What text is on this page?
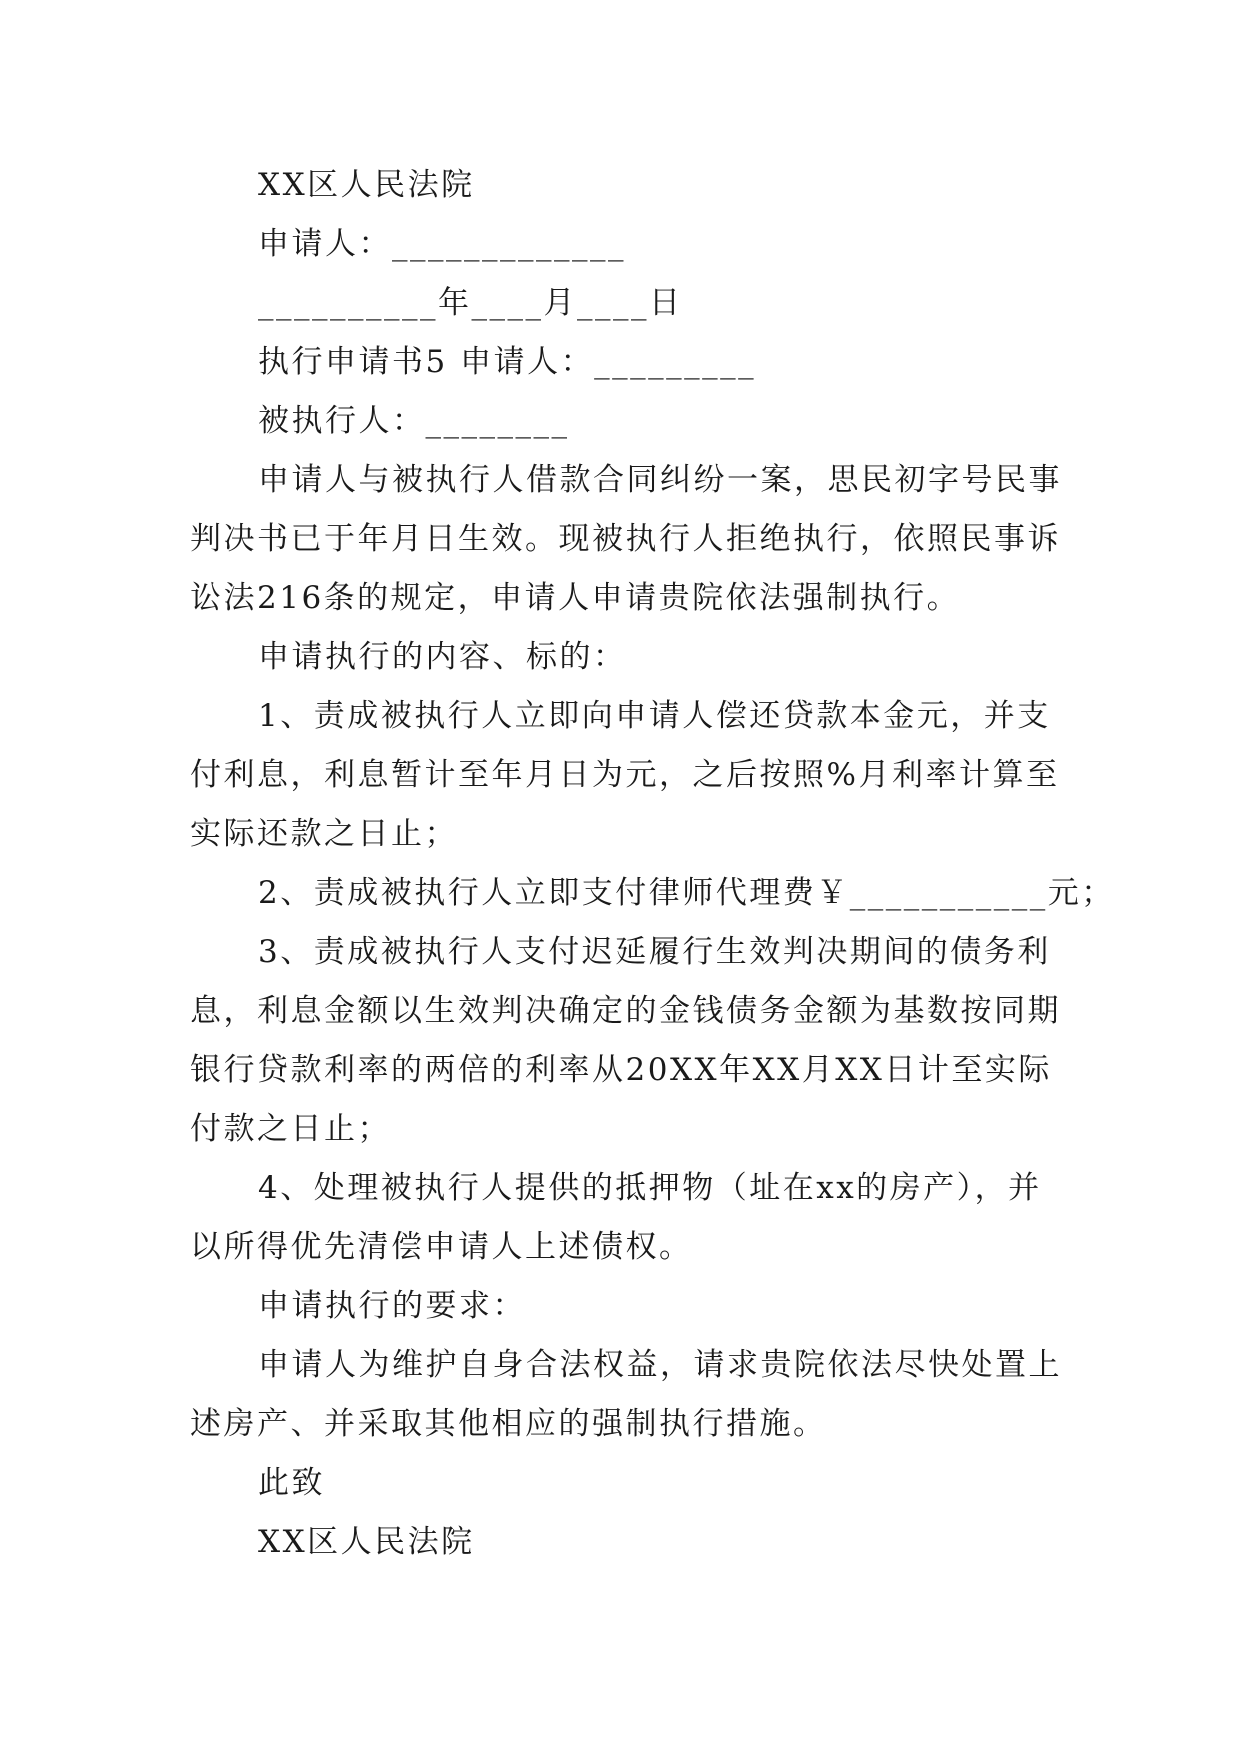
XX区人民法院
申请人：_____________
__________年____月____日
执行申请书5 申请人：_________
被执行人：________
申请人与被执行人借款合同纠纷一案，思民初字号民事
判决书已于年月日生效。现被执行人拒绝执行，依照民事诉
讼法216条的规定，申请人申请贵院依法强制执行。
申请执行的内容、标的：
1、责成被执行人立即向申请人偿还贷款本金元，并支
付利息，利息暂计至年月日为元，之后按照%月利率计算至
实际还款之日止；
2、责成被执行人立即支付律师代理费￥___________元；
3、责成被执行人支付迟延履行生效判决期间的债务利
息，利息金额以生效判决确定的金钱债务金额为基数按同期
银行贷款利率的两倍的利率从20XX年XX月XX日计至实际
付款之日止；
4、处理被执行人提供的抵押物（址在xx的房产），并
以所得优先清偿申请人上述债权。
申请执行的要求：
申请人为维护自身合法权益，请求贵院依法尽快处置上
述房产、并采取其他相应的强制执行措施。
此致
XX区人民法院
